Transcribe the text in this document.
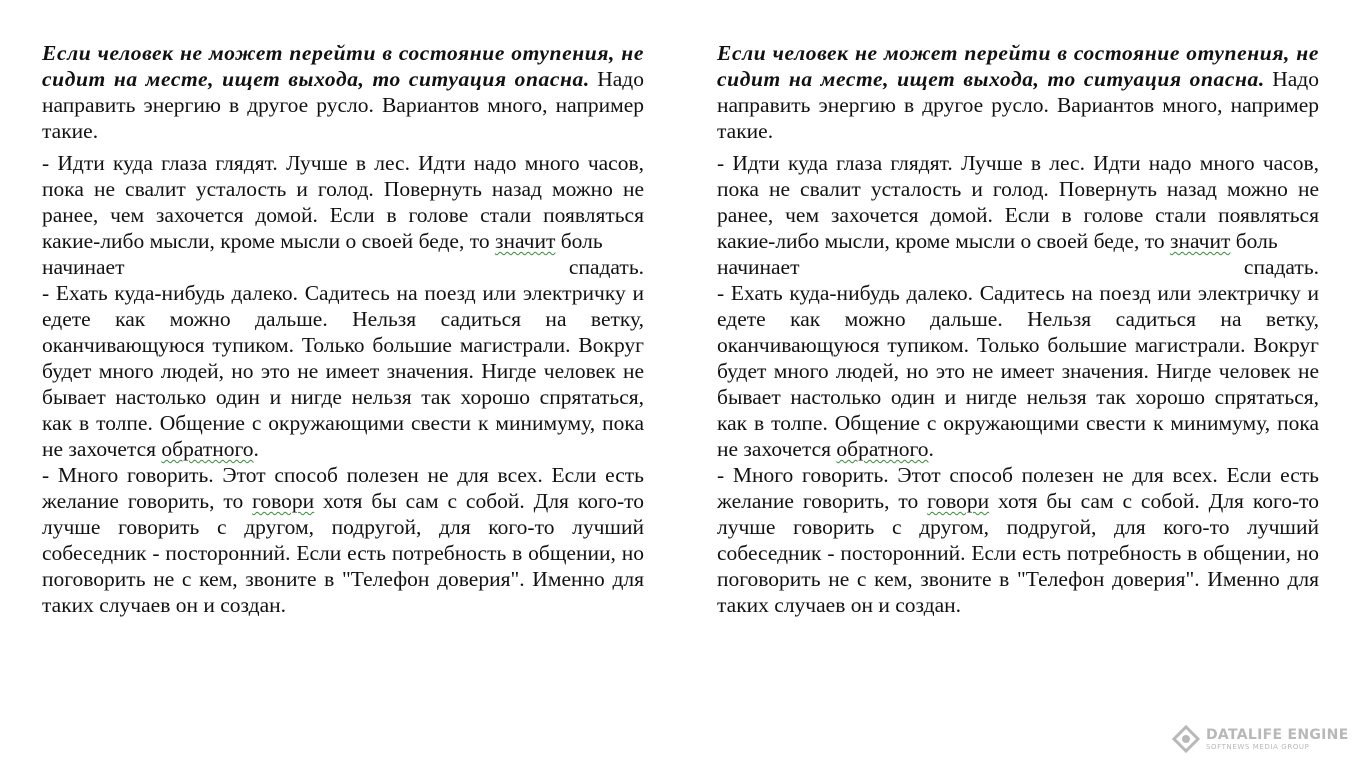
Если человек не может перейти в состояние отупения, не сидит на месте, ищет выхода, то ситуация опасна. Надо направить энергию в другое русло. Вариантов много, например такие.

- Идти куда глаза глядят. Лучше в лес. Идти надо много часов, пока не свалит усталость и голод. Повернуть назад можно не ранее, чем захочется домой. Если в голове стали появляться какие-либо мысли, кроме мысли о своей беде, то значит боль

начинает	спадать.

- Ехать куда-нибудь далеко. Садитесь на поезд или электричку и едете как можно дальше. Нельзя садиться на ветку, оканчивающуюся тупиком. Только большие магистрали. Вокруг будет много людей, но это не имеет значения. Нигде человек не бывает настолько один и нигде нельзя так хорошо спрятаться, как в толпе. Общение с окружающими свести к минимуму, пока не захочется обратного.

- Много говорить. Этот способ полезен не для всех. Если есть желание говорить, то говори хотя бы сам с собой. Для кого-то лучше говорить с другом, подругой, для кого-то лучший собеседник - посторонний. Если есть потребность в общении, но поговорить не с кем, звоните в "Телефон доверия". Именно для таких случаев он и создан.

Если человек не может перейти в состояние отупения, не сидит на месте, ищет выхода, то ситуация опасна. Надо направить энергию в другое русло. Вариантов много, например такие.

- Идти куда глаза глядят. Лучше в лес. Идти надо много часов, пока не свалит усталость и голод. Повернуть назад можно не ранее, чем захочется домой. Если в голове стали появляться какие-либо мысли, кроме мысли о своей беде, то значит боль

начинает	спадать.

- Ехать куда-нибудь далеко. Садитесь на поезд или электричку и едете как можно дальше. Нельзя садиться на ветку, оканчивающуюся тупиком. Только большие магистрали. Вокруг будет много людей, но это не имеет значения. Нигде человек не бывает настолько один и нигде нельзя так хорошо спрятаться, как в толпе. Общение с окружающими свести к минимуму, пока не захочется обратного.

- Много говорить. Этот способ полезен не для всех. Если есть желание говорить, то говори хотя бы сам с собой. Для кого-то лучше говорить с другом, подругой, для кого-то лучший собеседник - посторонний. Если есть потребность в общении, но поговорить не с кем, звоните в "Телефон доверия". Именно для таких случаев он и создан.

DATALIFE ENGINE
SOFTNEWS MEDIA GROUP
